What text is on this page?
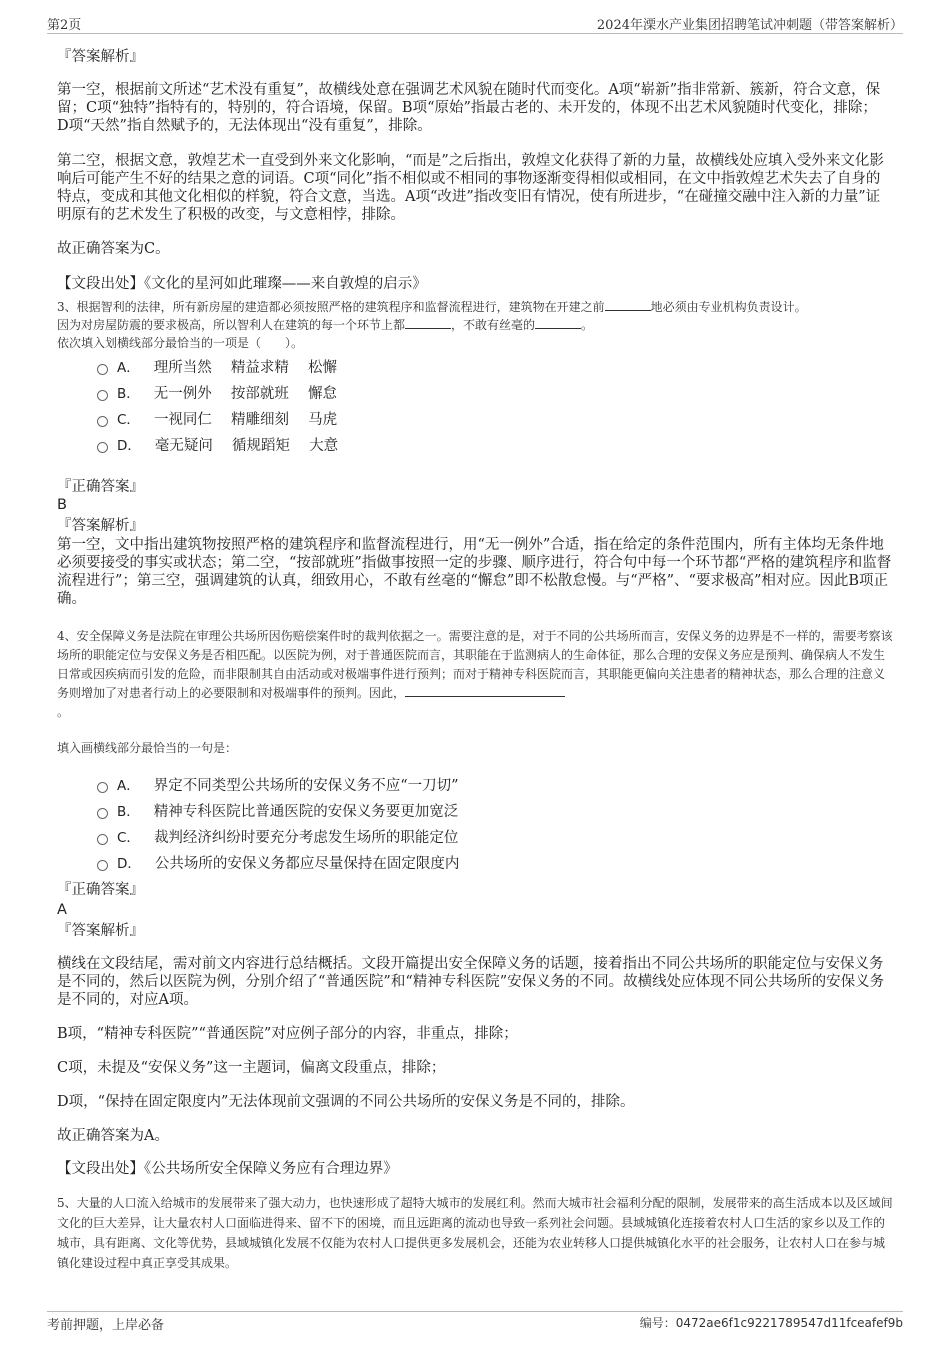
第2页	2024年溧水产业集团招聘笔试冲刺题（带答案解析）
『答案解析』
第一空，根据前文所述“艺术没有重复”，故横线处意在强调艺术风貌在随时代而变化。A项“崭新”指非常新、簇新，符合文意，保留；C项“独特”指特有的，特别的，符合语境，保留。B项“原始”指最古老的、未开发的，体现不出艺术风貌随时代变化，排除；D项“天然”指自然赋予的，无法体现出“没有重复”，排除。
第二空，根据文意，敦煌艺术一直受到外来文化影响，“而是”之后指出，敦煌文化获得了新的力量，故横线处应填入受外来文化影响后可能产生不好的结果之意的词语。C项“同化”指不相似或不相同的事物逐渐变得相似或相同，在文中指敦煌艺术失去了自身的特点，变成和其他文化相似的样貌，符合文意，当选。A项“改进”指改变旧有情况，使有所进步，“在碰撞交融中注入新的力量”证明原有的艺术发生了积极的改变，与文意相悖，排除。
故正确答案为C。
【文段出处】《文化的星河如此璀璨——来自敦煌的启示》
3、根据智利的法律，所有新房屋的建造都必须按照严格的建筑程序和监督流程进行，建筑物在开建之前	地必须由专业机构负责设计。
因为对房屋防震的要求极高，所以智利人在建筑的每一个环节上都	，不敢有丝毫的	。
依次填入划横线部分最恰当的一项是（　　）。
A． 理所当然　 精益求精　 松懈
B． 无一例外　 按部就班　 懈怠
C． 一视同仁　 精雕细刻　 马虎
D． 毫无疑问　 循规蹈矩　 大意
『正确答案』
B
『答案解析』
第一空，文中指出建筑物按照严格的建筑程序和监督流程进行，用“无一例外”合适，指在给定的条件范围内，所有主体均无条件地必须要接受的事实或状态；第二空，“按部就班”指做事按照一定的步骤、顺序进行，符合句中每一个环节都“严格的建筑程序和监督流程进行”；第三空，强调建筑的认真，细致用心，不敢有丝毫的“懈怠”即不松散怠慢。与“严格”、“要求极高”相对应。因此B项正确。
4、安全保障义务是法院在审理公共场所因伤赔偿案件时的裁判依据之一。需要注意的是，对于不同的公共场所而言，安保义务的边界是不一样的，需要考察该场所的职能定位与安保义务是否相匹配。以医院为例，对于普通医院而言，其职能在于监测病人的生命体征，那么合理的安保义务应是预判、确保病人不发生日常或因疾病而引发的危险，而非限制其自由活动或对极端事件进行预判；而对于精神专科医院而言，其职能更偏向关注患者的精神状态，那么合理的注意义务则增加了对患者行动上的必要限制和对极端事件的预判。因此，
。
填入画横线部分最恰当的一句是：
A． 界定不同类型公共场所的安保义务不应“一刀切”
B． 精神专科医院比普通医院的安保义务要更加宽泛
C． 裁判经济纠纷时要充分考虑发生场所的职能定位
D． 公共场所的安保义务都应尽量保持在固定限度内
『正确答案』
A
『答案解析』
横线在文段结尾，需对前文内容进行总结概括。文段开篇提出安全保障义务的话题，接着指出不同公共场所的职能定位与安保义务是不同的，然后以医院为例，分别介绍了“普通医院”和“精神专科医院”安保义务的不同。故横线处应体现不同公共场所的安保义务是不同的，对应A项。
B项，“精神专科医院”“普通医院”对应例子部分的内容，非重点，排除；
C项，未提及“安保义务”这一主题词，偏离文段重点，排除；
D项，“保持在固定限度内”无法体现前文强调的不同公共场所的安保义务是不同的，排除。
故正确答案为A。
【文段出处】《公共场所安全保障义务应有合理边界》
5、大量的人口流入给城市的发展带来了强大动力，也快速形成了超特大城市的发展红利。然而大城市社会福利分配的限制，发展带来的高生活成本以及区域间文化的巨大差异，让大量农村人口面临进得来、留不下的困境，而且远距离的流动也导致一系列社会问题。县域城镇化连接着农村人口生活的家乡以及工作的城市，具有距离、文化等优势，县域城镇化发展不仅能为农村人口提供更多发展机会，还能为农业转移人口提供城镇化水平的社会服务，让农村人口在参与城镇化建设过程中真正享受其成果。
考前押题，上岸必备	编号：0472ae6f1c9221789547d11fceafef9b
